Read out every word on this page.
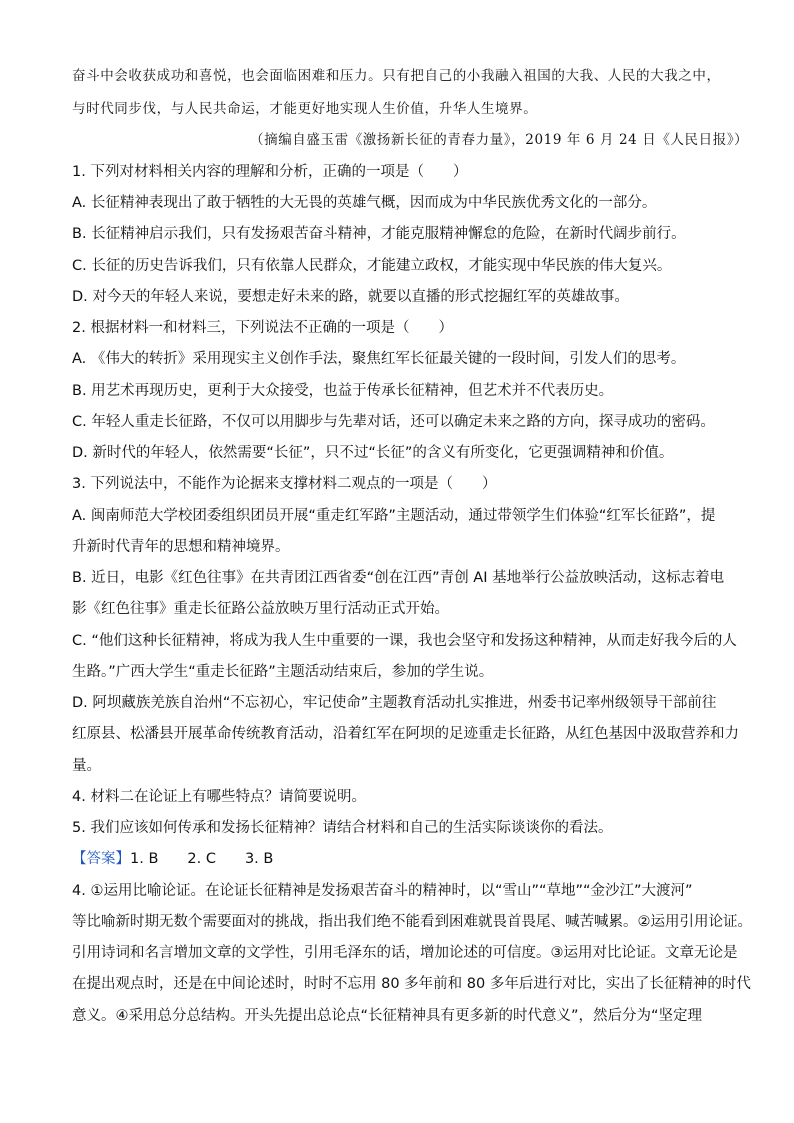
奋斗中会收获成功和喜悦，也会面临困难和压力。只有把自己的小我融入祖国的大我、人民的大我之中，
与时代同步伐，与人民共命运，才能更好地实现人生价值，升华人生境界。
（摘编自盛玉雷《激扬新长征的青春力量》，2019 年 6 月 24 日《人民日报》）
1. 下列对材料相关内容的理解和分析，正确的一项是（　　）
A. 长征精神表现出了敢于牺牲的大无畏的英雄气概，因而成为中华民族优秀文化的一部分。
B. 长征精神启示我们，只有发扬艰苦奋斗精神，才能克服精神懈怠的危险，在新时代阔步前行。
C. 长征的历史告诉我们，只有依靠人民群众，才能建立政权，才能实现中华民族的伟大复兴。
D. 对今天的年轻人来说，要想走好未来的路，就要以直播的形式挖掘红军的英雄故事。
2. 根据材料一和材料三，下列说法不正确的一项是（　　）
A. 《伟大的转折》采用现实主义创作手法，聚焦红军长征最关键的一段时间，引发人们的思考。
B. 用艺术再现历史，更利于大众接受，也益于传承长征精神，但艺术并不代表历史。
C. 年轻人重走长征路，不仅可以用脚步与先辈对话，还可以确定未来之路的方向，探寻成功的密码。
D. 新时代的年轻人，依然需要“长征”，只不过“长征”的含义有所变化，它更强调精神和价值。
3. 下列说法中，不能作为论据来支撑材料二观点的一项是（　　）
A. 闽南师范大学校团委组织团员开展“重走红军路”主题活动，通过带领学生们体验“红军长征路”，提
升新时代青年的思想和精神境界。
B. 近日，电影《红色往事》在共青团江西省委“创在江西”青创 AI 基地举行公益放映活动，这标志着电
影《红色往事》重走长征路公益放映万里行活动正式开始。
C. “他们这种长征精神，将成为我人生中重要的一课，我也会坚守和发扬这种精神，从而走好我今后的人
生路。”广西大学生“重走长征路”主题活动结束后，参加的学生说。
D. 阿坝藏族羌族自治州“不忘初心，牢记使命”主题教育活动扎实推进，州委书记率州级领导干部前往
红原县、松潘县开展革命传统教育活动，沿着红军在阿坝的足迹重走长征路，从红色基因中汲取营养和力
量。
4. 材料二在论证上有哪些特点？请简要说明。
5. 我们应该如何传承和发扬长征精神？请结合材料和自己的生活实际谈谈你的看法。
【答案】1. B　　2. C　　3. B
4. ①运用比喻论证。在论证长征精神是发扬艰苦奋斗的精神时，以“雪山”“草地”“金沙江”大渡河”
等比喻新时期无数个需要面对的挑战，指出我们绝不能看到困难就畏首畏尾、喊苦喊累。②运用引用论证。
引用诗词和名言增加文章的文学性，引用毛泽东的话，增加论述的可信度。③运用对比论证。文章无论是
在提出观点时，还是在中间论述时，时时不忘用 80 多年前和 80 多年后进行对比，实出了长征精神的时代
意义。④采用总分总结构。开头先提出总论点“长征精神具有更多新的时代意义”，然后分为“坚定理
